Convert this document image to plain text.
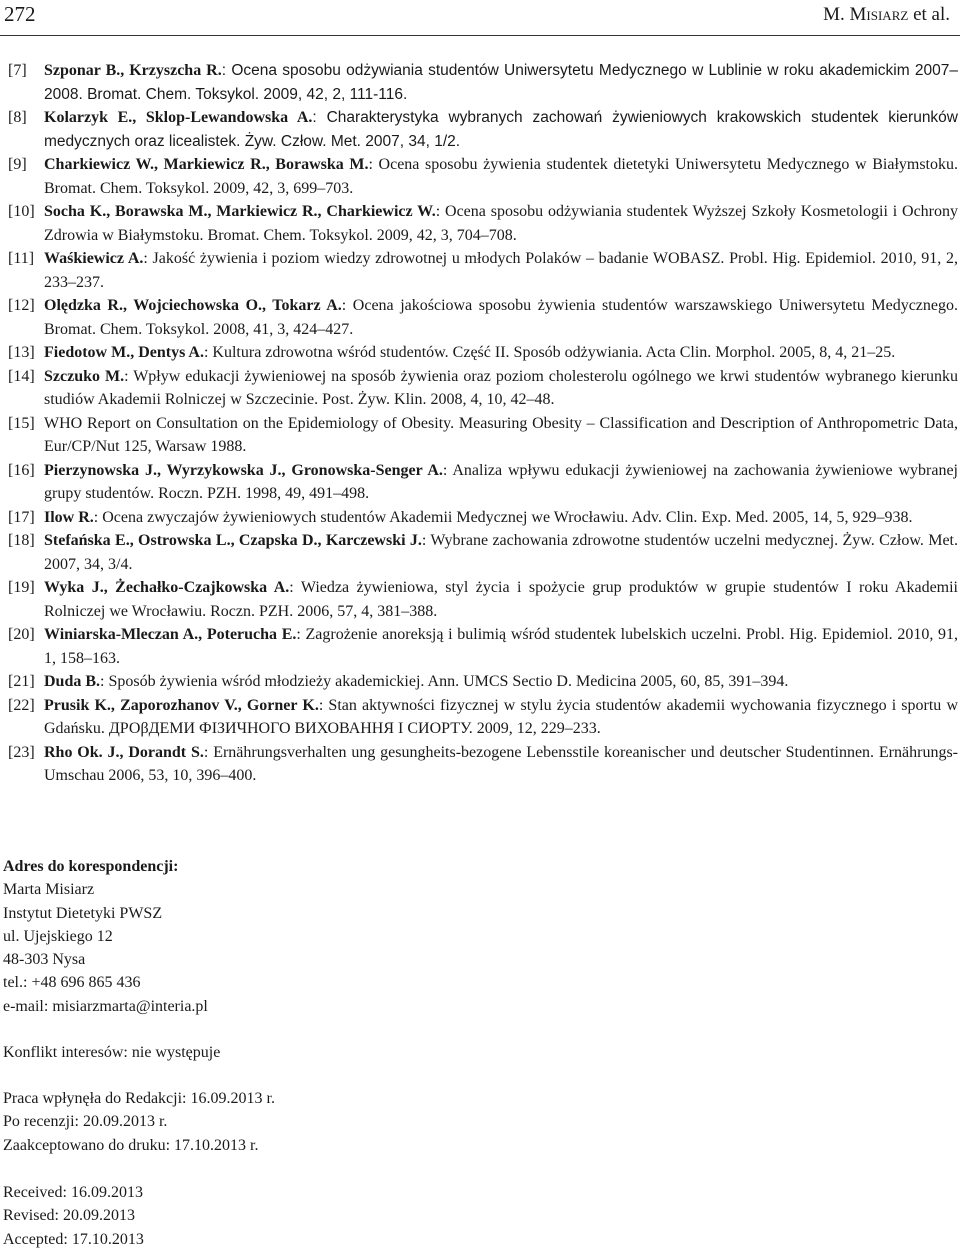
272	M. Misiarz et al.
[7]	Szponar B., Krzyszcha R.: Ocena sposobu odżywiania studentów Uniwersytetu Medycznego w Lublinie w roku akademickim 2007–2008. Bromat. Chem. Toksykol. 2009, 42, 2, 111-116.
[8]	Kolarzyk E., Sklop-Lewandowska A.: Charakterystyka wybranych zachowań żywieniowych krakowskich studentek kierunków medycznych oraz licealistek. Żyw. Człow. Met. 2007, 34, 1/2.
[9]	Charkiewicz W., Markiewicz R., Borawska M.: Ocena sposobu żywienia studentek dietetyki Uniwersytetu Medycznego w Białymstoku. Bromat. Chem. Toksykol. 2009, 42, 3, 699–703.
[10] Socha K., Borawska M., Markiewicz R., Charkiewicz W.: Ocena sposobu odżywiania studentek Wyższej Szkoły Kosmetologii i Ochrony Zdrowia w Białymstoku. Bromat. Chem. Toksykol. 2009, 42, 3, 704–708.
[11] Waśkiewicz A.: Jakość żywienia i poziom wiedzy zdrowotnej u młodych Polaków – badanie WOBASZ. Probl. Hig. Epidemiol. 2010, 91, 2, 233–237.
[12] Olędzka R., Wojciechowska O., Tokarz A.: Ocena jakościowa sposobu żywienia studentów warszawskiego Uniwersytetu Medycznego. Bromat. Chem. Toksykol. 2008, 41, 3, 424–427.
[13] Fiedotow M., Dentys A.: Kultura zdrowotna wśród studentów. Część II. Sposób odżywiania. Acta Clin. Morphol. 2005, 8, 4, 21–25.
[14] Szczuko M.: Wpływ edukacji żywieniowej na sposób żywienia oraz poziom cholesterolu ogólnego we krwi studentów wybranego kierunku studiów Akademii Rolniczej w Szczecinie. Post. Żyw. Klin. 2008, 4, 10, 42–48.
[15] WHO Report on Consultation on the Epidemiology of Obesity. Measuring Obesity – Classification and Description of Anthropometric Data, Eur/CP/Nut 125, Warsaw 1988.
[16] Pierzynowska J., Wyrzykowska J., Gronowska-Senger A.: Analiza wpływu edukacji żywieniowej na zachowania żywieniowe wybranej grupy studentów. Roczn. PZH. 1998, 49, 491–498.
[17] Ilow R.: Ocena zwyczajów żywieniowych studentów Akademii Medycznej we Wrocławiu. Adv. Clin. Exp. Med. 2005, 14, 5, 929–938.
[18] Stefańska E., Ostrowska L., Czapska D., Karczewski J.: Wybrane zachowania zdrowotne studentów uczelni medycznej. Żyw. Człow. Met. 2007, 34, 3/4.
[19] Wyka J., Żechałko-Czajkowska A.: Wiedza żywieniowa, styl życia i spożycie grup produktów w grupie studentów I roku Akademii Rolniczej we Wrocławiu. Roczn. PZH. 2006, 57, 4, 381–388.
[20] Winiarska-Mleczan A., Poterucha E.: Zagrożenie anoreksją i bulimią wśród studentek lubelskich uczelni. Probl. Hig. Epidemiol. 2010, 91, 1, 158–163.
[21] Duda B.: Sposób żywienia wśród młodzieży akademickiej. Ann. UMCS Sectio D. Medicina 2005, 60, 85, 391–394.
[22] Prusik K., Zaporozhanov V., Gorner K.: Stan aktywności fizycznej w stylu życia studentów akademii wychowania fizycznego i sportu w Gdańsku. ДРОβДЕМИ ФІЗИЧНОГО ВИХОВАННЯ І СИОРТУ. 2009, 12, 229–233.
[23] Rho Ok. J., Dorandt S.: Ernährungsverhalten ung gesungheits-bezogene Lebensstile koreanischer und deutscher Studentinnen. Ernährungs-Umschau 2006, 53, 10, 396–400.
Adres do korespondencji:
Marta Misiarz
Instytut Dietetyki PWSZ
ul. Ujejskiego 12
48-303 Nysa
tel.: +48 696 865 436
e-mail: misiarzmarta@interia.pl
Konflikt interesów: nie występuje
Praca wpłynęła do Redakcji: 16.09.2013 r.
Po recenzji: 20.09.2013 r.
Zaakceptowano do druku: 17.10.2013 r.
Received: 16.09.2013
Revised: 20.09.2013
Accepted: 17.10.2013
